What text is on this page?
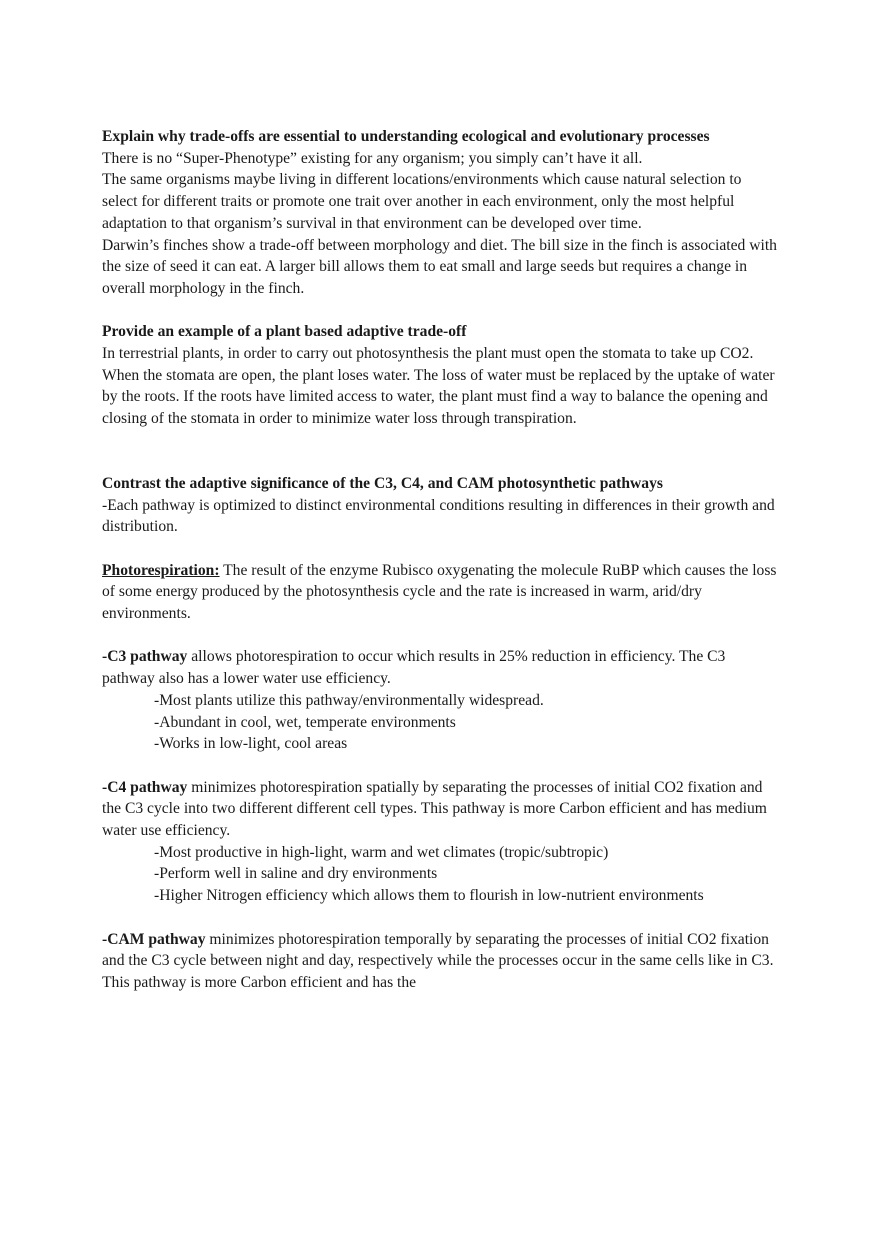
Explain why trade-offs are essential to understanding ecological and evolutionary processes

There is no “Super-Phenotype” existing for any organism; you simply can’t have it all.

The same organisms maybe living in different locations/environments which cause natural selection to select for different traits or promote one trait over another in each environment, only the most helpful adaptation to that organism’s survival in that environment can be developed over time.

Darwin’s finches show a trade-off between morphology and diet. The bill size in the finch is associated with the size of seed it can eat. A larger bill allows them to eat small and large seeds but requires a change in overall morphology in the finch.

Provide an example of a plant based adaptive trade-off

In terrestrial plants, in order to carry out photosynthesis the plant must open the stomata to take up CO2. When the stomata are open, the plant loses water. The loss of water must be replaced by the uptake of water by the roots. If the roots have limited access to water, the plant must find a way to balance the opening and closing of the stomata in order to minimize water loss through transpiration.

Contrast the adaptive significance of the C3, C4, and CAM photosynthetic pathways

-Each pathway is optimized to distinct environmental conditions resulting in differences in their growth and distribution.

Photorespiration: The result of the enzyme Rubisco oxygenating the molecule RuBP which causes the loss of some energy produced by the photosynthesis cycle and the rate is increased in warm, arid/dry environments.

-C3 pathway allows photorespiration to occur which results in 25% reduction in efficiency. The C3 pathway also has a lower water use efficiency.

-Most plants utilize this pathway/environmentally widespread.

-Abundant in cool, wet, temperate environments

-Works in low-light, cool areas

-C4 pathway minimizes photorespiration spatially by separating the processes of initial CO2 fixation and the C3 cycle into two different different cell types. This pathway is more Carbon efficient and has medium water use efficiency.

-Most productive in high-light, warm and wet climates (tropic/subtropic)

-Perform well in saline and dry environments

-Higher Nitrogen efficiency which allows them to flourish in low-nutrient environments

-CAM pathway minimizes photorespiration temporally by separating the processes of initial CO2 fixation and the C3 cycle between night and day, respectively while the processes occur in the same cells like in C3. This pathway is more Carbon efficient and has the
